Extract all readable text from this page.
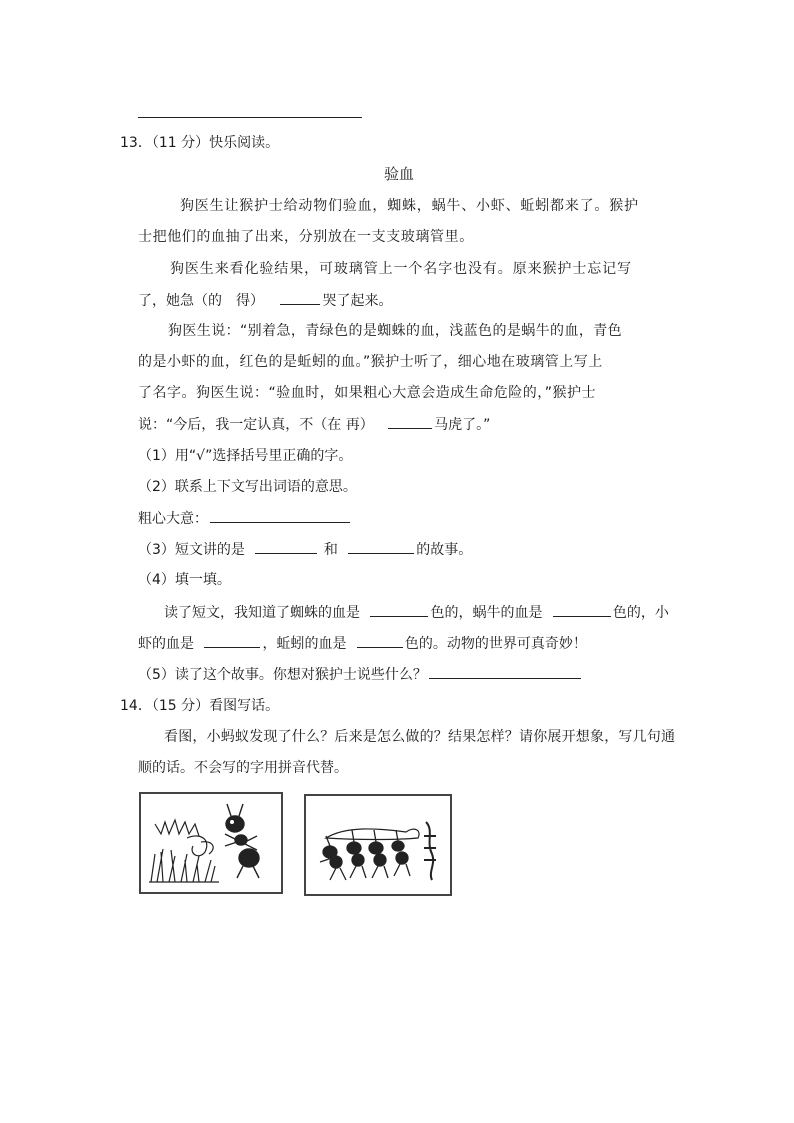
13．（11 分）快乐阅读。
验血
狗医生让猴护士给动物们验血，蜘蛛，蜗牛、小虾、蚯蚓都来了。猴护
士把他们的血抽了出来，分别放在一支支玻璃管里。
狗医生来看化验结果，可玻璃管上一个名字也没有。原来猴护士忘记写
了，她急（的　得）	哭了起来。
狗医生说：“别着急，青绿色的是蜘蛛的血，浅蓝色的是蜗牛的血，青色
的是小虾的血，红色的是蚯蚓的血。”猴护士听了，细心地在玻璃管上写上
了名字。狗医生说：“验血时，如果粗心大意会造成生命危险的，”猴护士
说：“今后，我一定认真，不（在 再）	马虎了。”
（1）用“√”选择括号里正确的字。
（2）联系上下文写出词语的意思。
粗心大意：
（3）短文讲的是	和	的故事。
（4）填一填。
读了短文，我知道了蜘蛛的血是	色的，蜗牛的血是	色的，小
虾的血是	，蚯蚓的血是	色的。动物的世界可真奇妙！
（5）读了这个故事。你想对猴护士说些什么？
14．（15 分）看图写话。
看图，小蚂蚁发现了什么？后来是怎么做的？结果怎样？请你展开想象，写几句通
顺的话。不会写的字用拼音代替。
